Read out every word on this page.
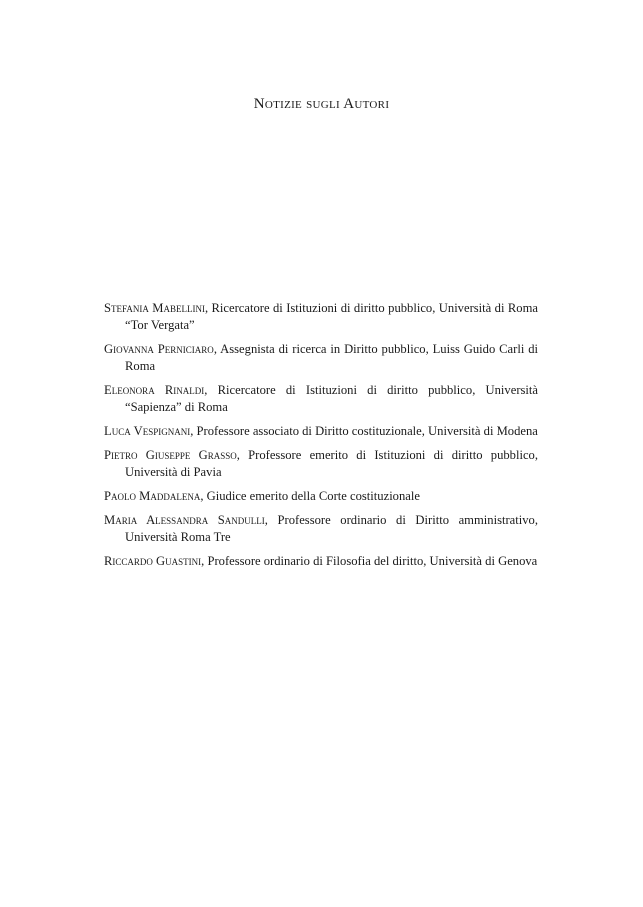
Notizie sugli Autori
Stefania Mabellini, Ricercatore di Istituzioni di diritto pubblico, Università di Roma “Tor Vergata”
Giovanna Perniciaro, Assegnista di ricerca in Diritto pubblico, Luiss Guido Carli di Roma
Eleonora Rinaldi, Ricercatore di Istituzioni di diritto pubblico, Università “Sapienza” di Roma
Luca Vespignani, Professore associato di Diritto costituzionale, Università di Modena
Pietro Giuseppe Grasso, Professore emerito di Istituzioni di diritto pubblico, Università di Pavia
Paolo Maddalena, Giudice emerito della Corte costituzionale
Maria Alessandra Sandulli, Professore ordinario di Diritto amministrativo, Università Roma Tre
Riccardo Guastini, Professore ordinario di Filosofia del diritto, Università di Genova
